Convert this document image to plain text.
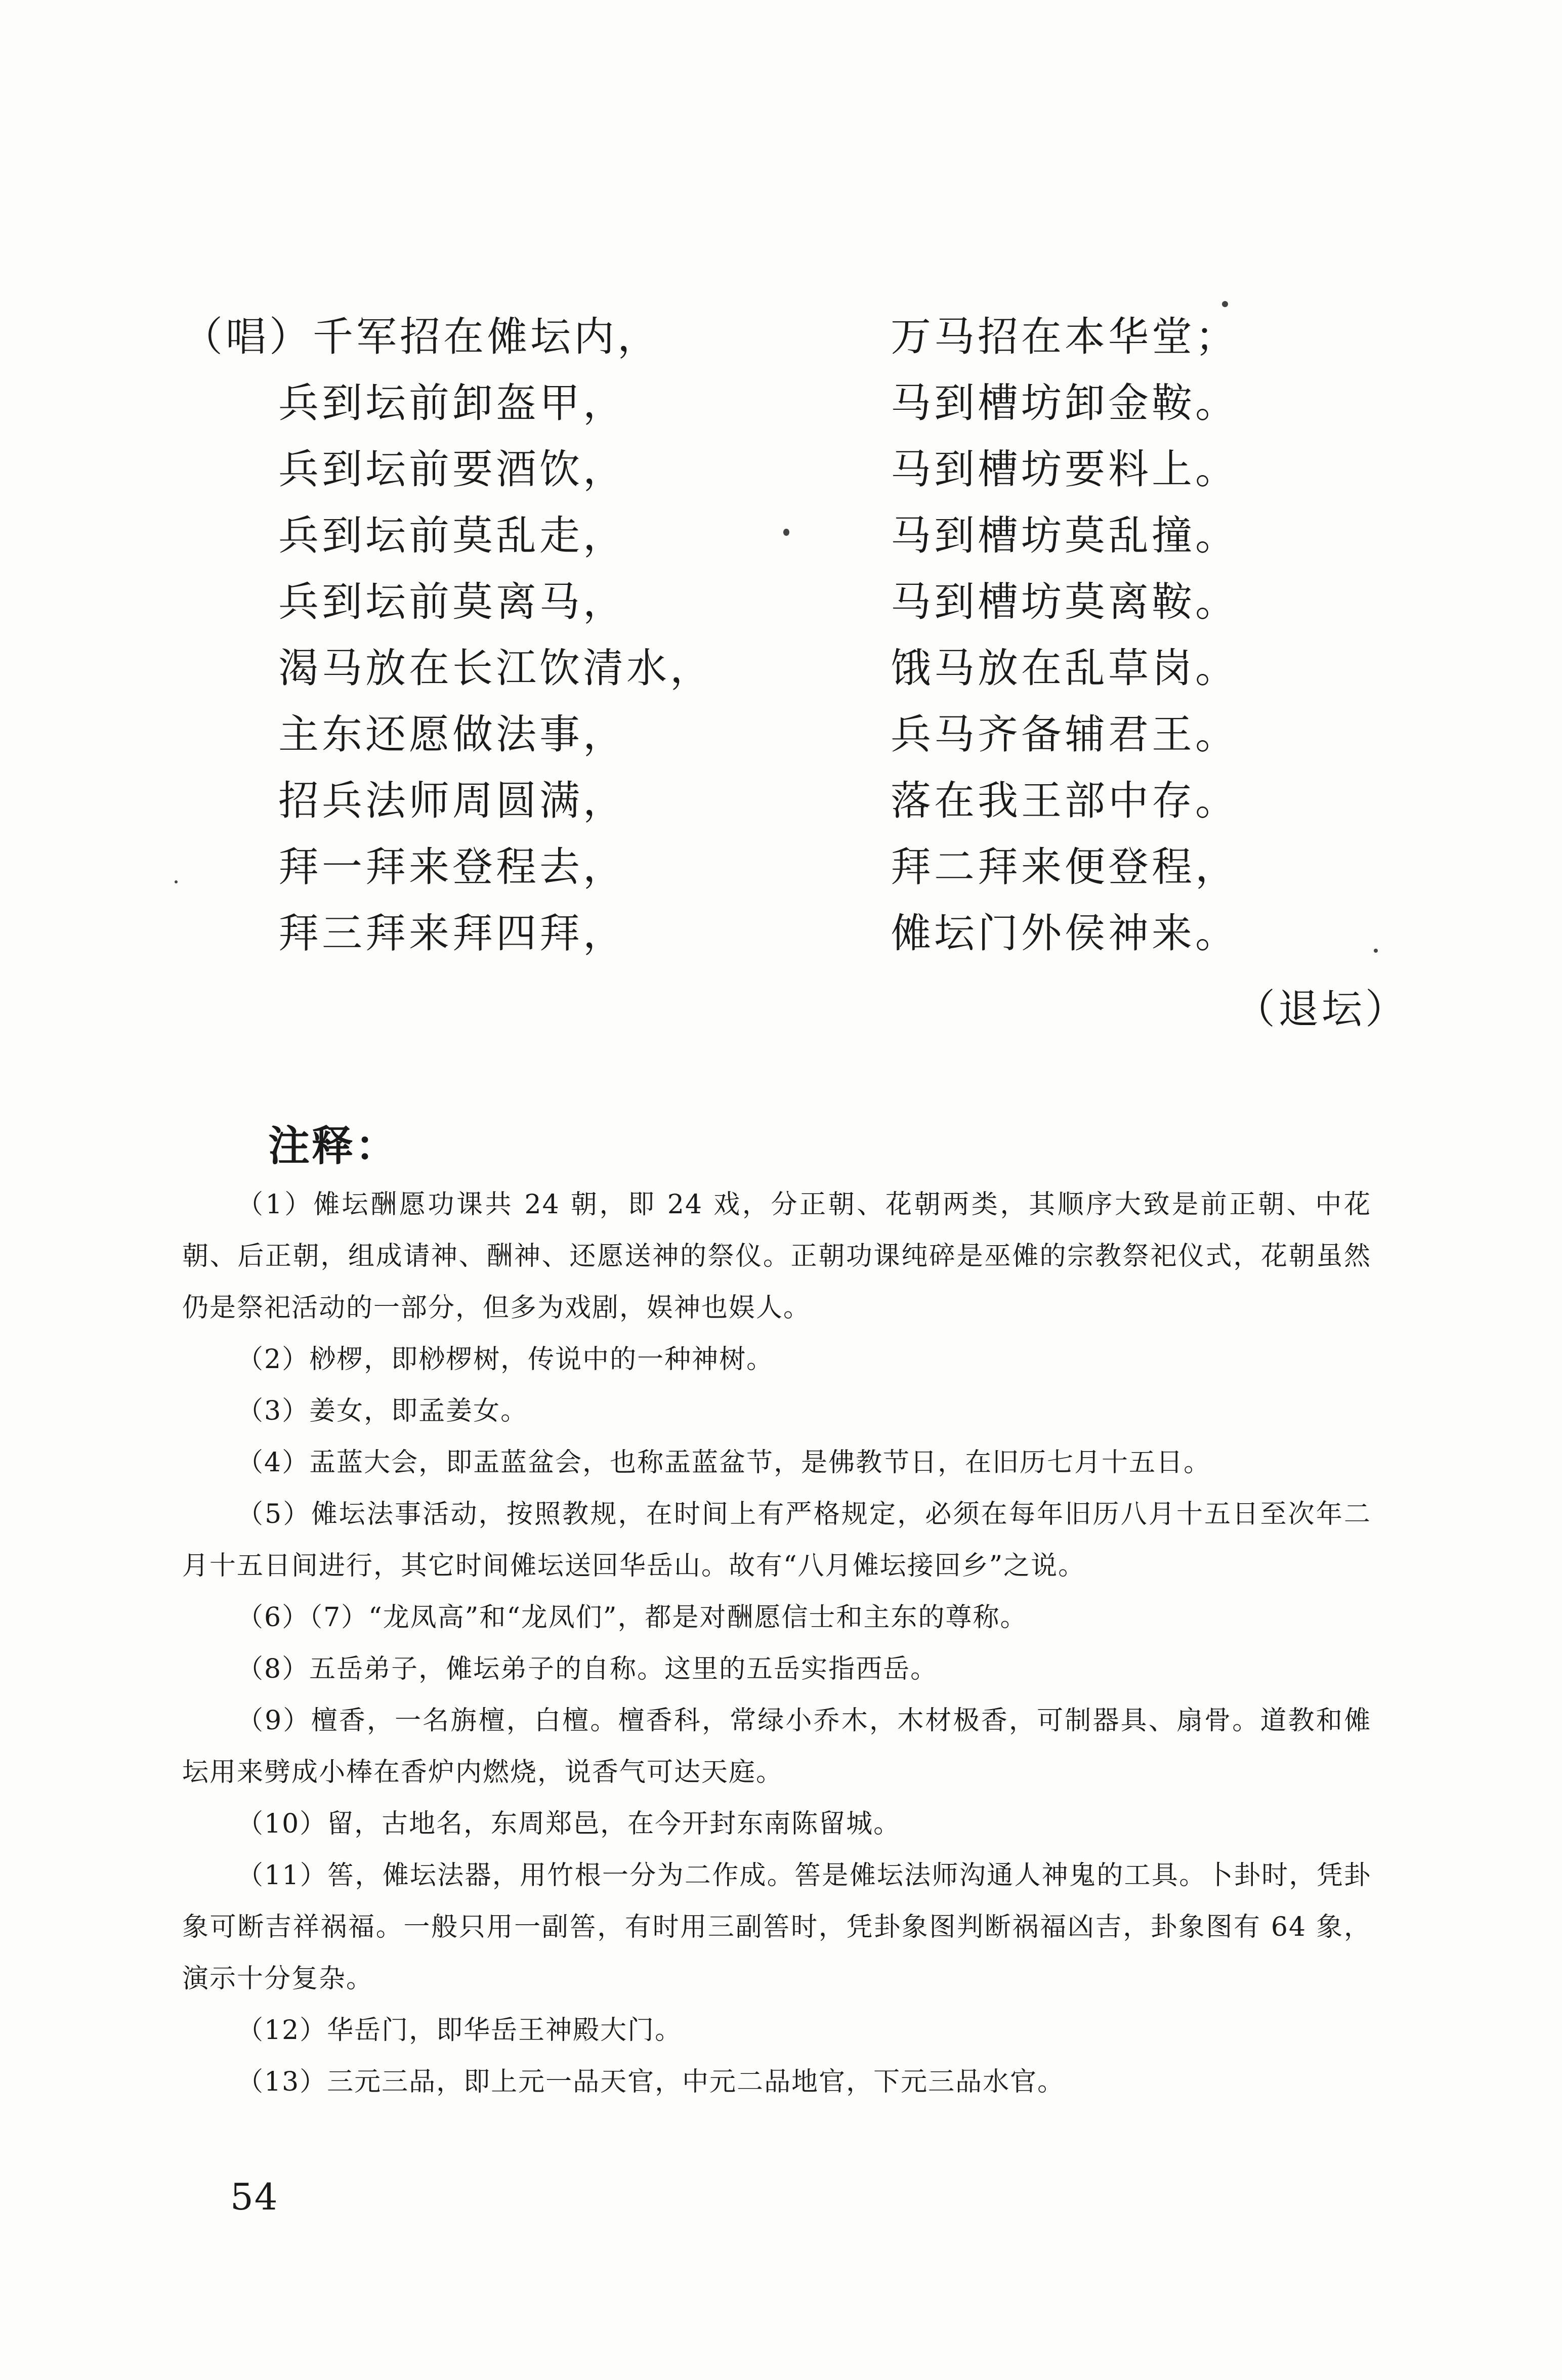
（唱）千军招在傩坛内，	万马招在本华堂；
兵到坛前卸盔甲，	马到槽坊卸金鞍。
兵到坛前要酒饮，	马到槽坊要料上。
兵到坛前莫乱走，	马到槽坊莫乱撞。
兵到坛前莫离马，	马到槽坊莫离鞍。
渴马放在长江饮清水，	饿马放在乱草岗。
主东还愿做法事，	兵马齐备辅君王。
招兵法师周圆满，	落在我王部中存。
拜一拜来登程去，	拜二拜来便登程，
拜三拜来拜四拜，	傩坛门外侯神来。
（退坛）
注释：

（1）傩坛酬愿功课共 24 朝，即 24 戏，分正朝、花朝两类，其顺序大致是前正朝、中花朝、后正朝，组成请神、酬神、还愿送神的祭仪。正朝功课纯碎是巫傩的宗教祭祀仪式，花朝虽然仍是祭祀活动的一部分，但多为戏剧，娱神也娱人。

（2）桫椤，即桫椤树，传说中的一种神树。

（3）姜女，即孟姜女。

（4）盂蓝大会，即盂蓝盆会，也称盂蓝盆节，是佛教节日，在旧历七月十五日。

（5）傩坛法事活动，按照教规，在时间上有严格规定，必须在每年旧历八月十五日至次年二月十五日间进行，其它时间傩坛送回华岳山。故有“八月傩坛接回乡”之说。

（6）（7）“龙凤高”和“龙凤们”，都是对酬愿信士和主东的尊称。

（8）五岳弟子，傩坛弟子的自称。这里的五岳实指西岳。

（9）檀香，一名旃檀，白檀。檀香科，常绿小乔木，木材极香，可制器具、扇骨。道教和傩坛用来劈成小棒在香炉内燃烧，说香气可达天庭。

（10）留，古地名，东周郑邑，在今开封东南陈留城。

（11）筶，傩坛法器，用竹根一分为二作成。筶是傩坛法师沟通人神鬼的工具。卜卦时，凭卦象可断吉祥祸福。一般只用一副筶，有时用三副筶时，凭卦象图判断祸福凶吉，卦象图有 64 象，演示十分复杂。

（12）华岳门，即华岳王神殿大门。

（13）三元三品，即上元一品天官，中元二品地官，下元三品水官。

54
